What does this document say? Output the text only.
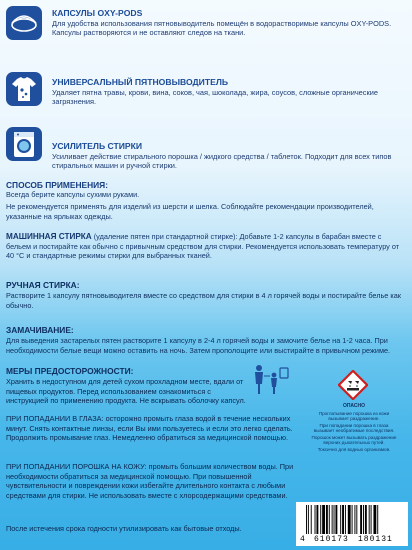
КАПСУЛЫ OXY-PODS
Для удобства использования пятновыводитель помещён в водорастворимые капсулы OXY-PODS. Капсулы растворяются и не оставляют следов на ткани.
УНИВЕРСАЛЬНЫЙ ПЯТНОВЫВОДИТЕЛЬ
Удаляет пятна травы, крови, вина, соков, чая, шоколада, жира, соусов, сложные органические загрязнения.
УСИЛИТЕЛЬ СТИРКИ
Усиливает действие стирального порошка / жидкого средства / таблеток. Подходит для всех типов стиральных машин и ручной стирки.
СПОСОБ ПРИМЕНЕНИЯ:
Всегда берите капсулы сухими руками.
Не рекомендуется применять для изделий из шерсти и шелка. Соблюдайте рекомендации производителей, указанные на ярлыках одежды.
МАШИННАЯ СТИРКА (удаление пятен при стандартной стирке): Добавьте 1-2 капсулы в барабан вместе с бельем и постирайте как обычно с привычным средством для стирки. Рекомендуется использовать температуру от 40 °С и стандартные режимы стирки для выбранных тканей.
РУЧНАЯ СТИРКА:
Растворите 1 капсулу пятновыводителя вместе со средством для стирки в 4 л горячей воды и постирайте белье как обычно.
ЗАМАЧИВАНИЕ:
Для выведения застарелых пятен растворите 1 капсулу в 2-4 л горячей воды и замочите белье на 1-2 часа. При необходимости белые вещи можно оставить на ночь. Затем прополощите или выстирайте в привычном режиме.
МЕРЫ ПРЕДОСТОРОЖНОСТИ:
Хранить в недоступном для детей сухом прохладном месте, вдали от пищевых продуктов. Перед использованием ознакомиться с инструкцией по применению продукта. Не вскрывать оболочку капсул.
ПРИ ПОПАДАНИИ В ГЛАЗА: осторожно промыть глаза водой в течение нескольких минут. Снять контактные линзы, если Вы ими пользуетесь и если это легко сделать. Продолжить промывание глаз. Немедленно обратиться за медицинской помощью.
ПРИ ПОПАДАНИИ ПОРОШКА НА КОЖУ: промыть большим количеством воды. При необходимости обратиться за медицинской помощью. При повышенной чувствительности и повреждении кожи избегайте длительного контакта с любыми средствами для стирки. Не использовать вместе с хлорсодержащими средствами.
После истечения срока годности утилизировать как бытовые отходы.
ОПАСНО
Проглатывание порошка из кожи
вызывает раздражение.
При попадании порошка в глаза
вызывает необратимые последствия.
Порошок может вызывать раздражение
верхних дыхательных путей.
Токсично для водных организмов.
4 610173 180131
